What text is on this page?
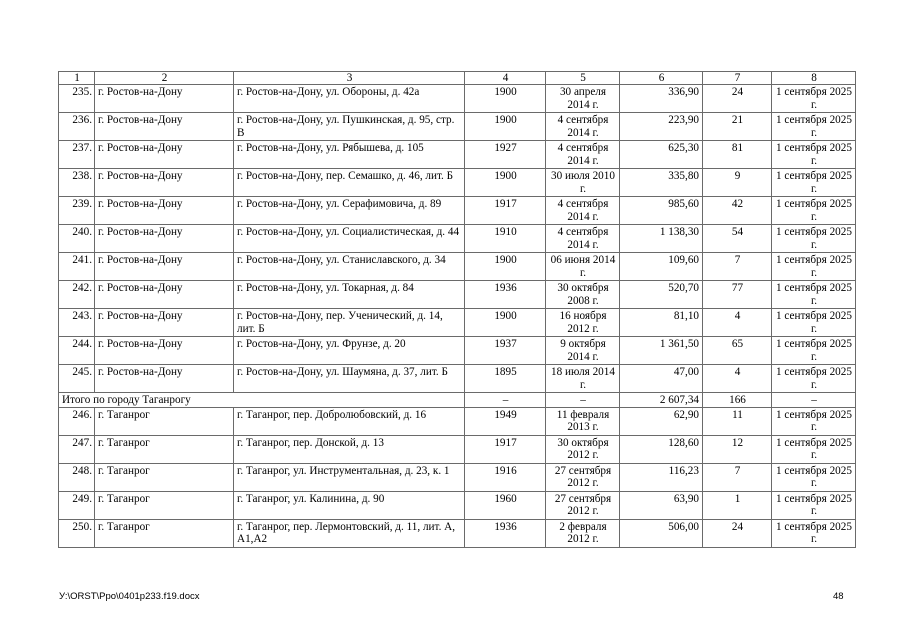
1	2	3	4	5	6	7	8
235.	г. Ростов-на-Дону	г. Ростов-на-Дону, ул. Обороны, д. 42а	1900	30 апреля 2014 г.	336,90	24	1 сентября 2025 г.
236.	г. Ростов-на-Дону	г. Ростов-на-Дону, ул. Пушкинская, д. 95, стр. В	1900	4 сентября 2014 г.	223,90	21	1 сентября 2025 г.
237.	г. Ростов-на-Дону	г. Ростов-на-Дону, ул. Рябышева, д. 105	1927	4 сентября 2014 г.	625,30	81	1 сентября 2025 г.
238.	г. Ростов-на-Дону	г. Ростов-на-Дону, пер. Семашко, д. 46, лит. Б	1900	30 июля 2010 г.	335,80	9	1 сентября 2025 г.
239.	г. Ростов-на-Дону	г. Ростов-на-Дону, ул. Серафимовича, д. 89	1917	4 сентября 2014 г.	985,60	42	1 сентября 2025 г.
240.	г. Ростов-на-Дону	г. Ростов-на-Дону, ул. Социалистическая, д. 44	1910	4 сентября 2014 г.	1 138,30	54	1 сентября 2025 г.
241.	г. Ростов-на-Дону	г. Ростов-на-Дону, ул. Станиславского, д. 34	1900	06 июня 2014 г.	109,60	7	1 сентября 2025 г.
242.	г. Ростов-на-Дону	г. Ростов-на-Дону, ул. Токарная, д. 84	1936	30 октября 2008 г.	520,70	77	1 сентября 2025 г.
243.	г. Ростов-на-Дону	г. Ростов-на-Дону, пер. Ученический, д. 14, лит. Б	1900	16 ноября 2012 г.	81,10	4	1 сентября 2025 г.
244.	г. Ростов-на-Дону	г. Ростов-на-Дону, ул. Фрунзе, д. 20	1937	9 октября 2014 г.	1 361,50	65	1 сентября 2025 г.
245.	г. Ростов-на-Дону	г. Ростов-на-Дону, ул. Шаумяна, д. 37, лит. Б	1895	18 июля 2014 г.	47,00	4	1 сентября 2025 г.
Итого по городу Таганрогу			–	–	2 607,34	166	–
246.	г. Таганрог	г. Таганрог, пер. Добролюбовский, д. 16	1949	11 февраля 2013 г.	62,90	11	1 сентября 2025 г.
247.	г. Таганрог	г. Таганрог, пер. Донской, д. 13	1917	30 октября 2012 г.	128,60	12	1 сентября 2025 г.
248.	г. Таганрог	г. Таганрог, ул. Инструментальная, д. 23, к. 1	1916	27 сентября 2012 г.	116,23	7	1 сентября 2025 г.
249.	г. Таганрог	г. Таганрог, ул. Калинина, д. 90	1960	27 сентября 2012 г.	63,90	1	1 сентября 2025 г.
250.	г. Таганрог	г. Таганрог, пер. Лермонтовский, д. 11, лит. А, А1,А2	1936	2 февраля 2012 г.	506,00	24	1 сентября 2025 г.
У:\ORST\Ppo\0401p233.f19.docx	48
